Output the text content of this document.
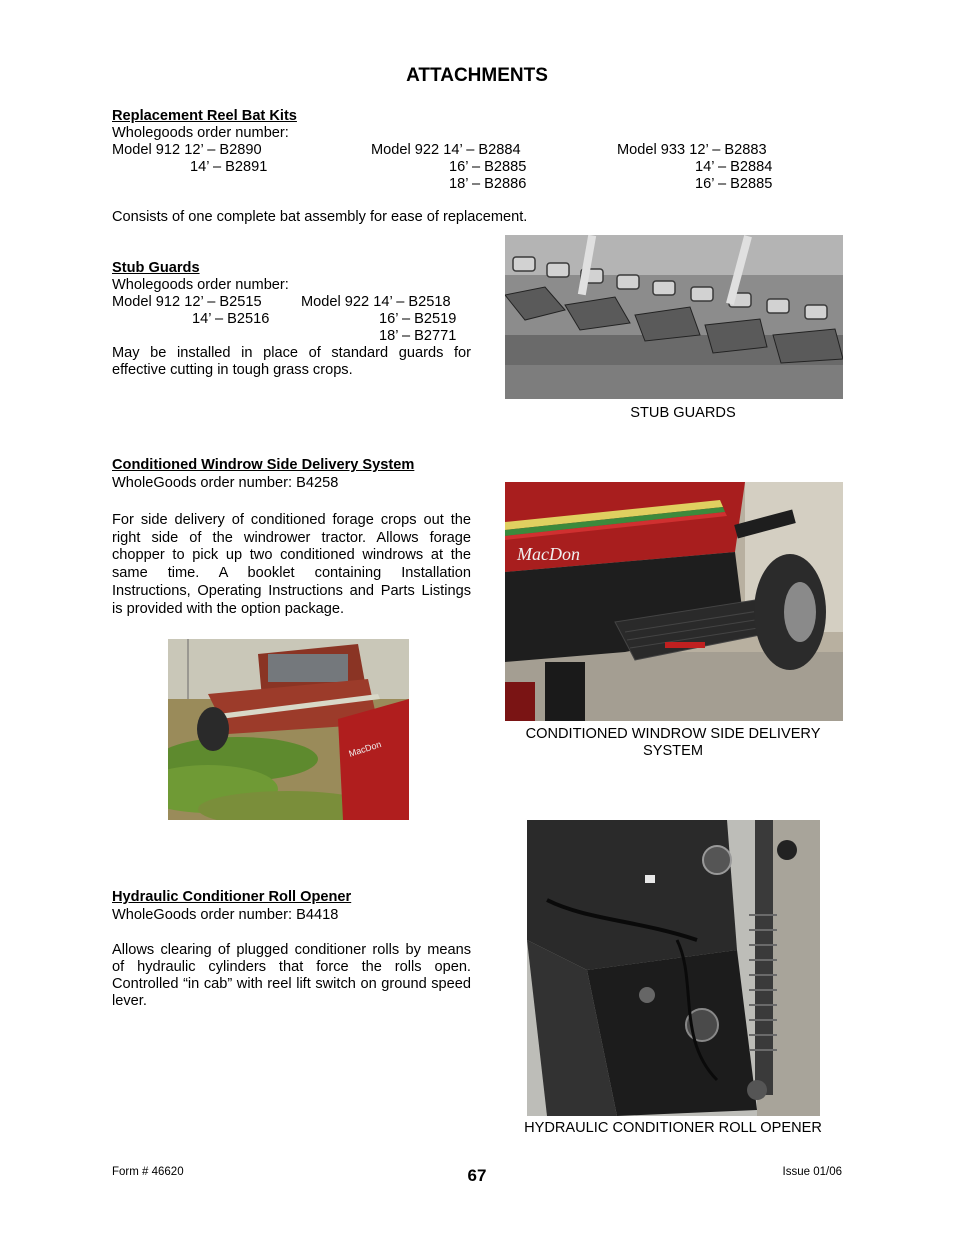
ATTACHMENTS
Replacement Reel Bat Kits
Wholegoods order number:
Model 912 12’ – B2890
14’ – B2891
Model 922 14’ – B2884
16’ – B2885
18’ – B2886
Model 933 12’ – B2883
14’ – B2884
16’ – B2885
Consists of one complete bat assembly for ease of replacement.
Stub Guards
Wholegoods order number:
Model 912 12’ – B2515
14’ – B2516
Model 922 14’ – B2518
16’ – B2519
18’ – B2771
May be installed in place of standard guards for effective cutting in tough grass crops.
STUB GUARDS
Conditioned Windrow Side Delivery System
WholeGoods order number: B4258
For side delivery of conditioned forage crops out the right side of the windrower tractor. Allows forage chopper to pick up two conditioned windrows at the same time. A booklet containing Installation Instructions, Operating Instructions and Parts Listings is provided with the option package.
MacDon
CONDITIONED WINDROW SIDE DELIVERY
SYSTEM
MacDon
Hydraulic Conditioner Roll Opener
WholeGoods order number: B4418
Allows clearing of plugged conditioner rolls by means of hydraulic cylinders that force the rolls open. Controlled “in cab” with reel lift switch on ground speed lever.
HYDRAULIC CONDITIONER ROLL OPENER
Form # 46620	67	Issue 01/06
